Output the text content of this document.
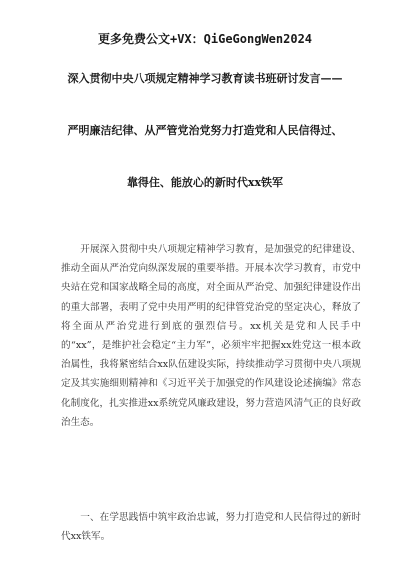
更多免费公文+VX：QiGeGongWen2024
深入贯彻中央八项规定精神学习教育读书班研讨发言——
严明廉洁纪律、从严管党治党努力打造党和人民信得过、
靠得住、能放心的新时代xx铁军

开展深入贯彻中央八项规定精神学习教育，是加强党的纪律建设、推动全面从严治党向纵深发展的重要举措。开展本次学习教育，市党中央站在党和国家战略全局的高度，对全面从严治党、加强纪律建设作出的重大部署，表明了党中央用严明的纪律管党治党的坚定决心，释放了将全面从严治党进行到底的强烈信号。xx机关是党和人民手中的“xx”，是维护社会稳定“主力军”，必须牢牢把握xx姓党这一根本政治属性，我将紧密结合xx队伍建设实际，持续推动学习贯彻中央八项规定及其实施细则精神和《习近平关于加强党的作风建设论述摘编》常态化制度化，扎实推进xx系统党风廉政建设，努力营造风清气正的良好政治生态。

一、在学思践悟中筑牢政治忠诚，努力打造党和人民信得过的新时代xx铁军。
